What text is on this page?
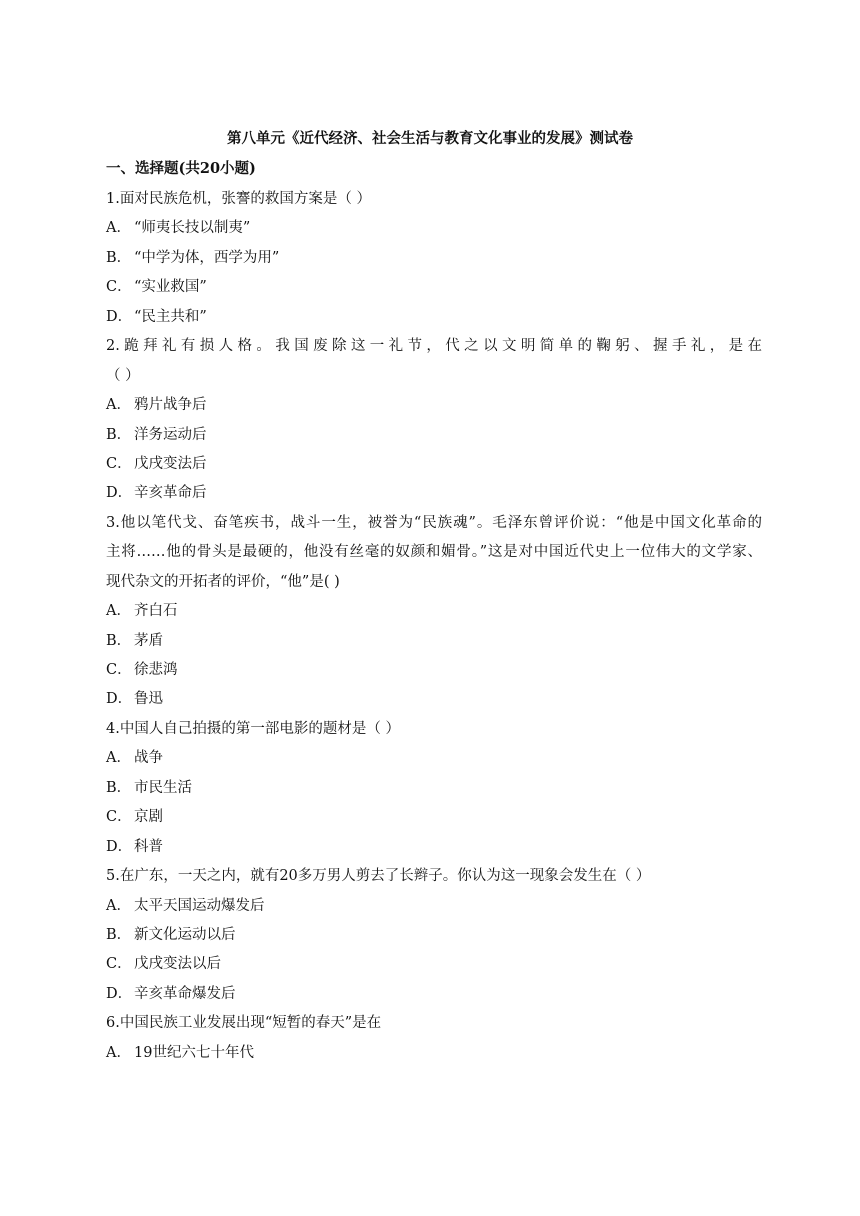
第八单元《近代经济、社会生活与教育文化事业的发展》测试卷
一、选择题(共20小题)
1.面对民族危机，张謇的救国方案是（ ）
A． “师夷长技以制夷”
B． “中学为体，西学为用”
C． “实业救国”
D． “民主共和”
2.跪拜礼有损人格。我国废除这一礼节，代之以文明简单的鞠躬、握手礼，是在
（ ）
A． 鸦片战争后
B． 洋务运动后
C． 戊戌变法后
D． 辛亥革命后
3.他以笔代戈、奋笔疾书，战斗一生，被誉为“民族魂”。毛泽东曾评价说：“他是中国文化革命的
主将……他的骨头是最硬的，他没有丝毫的奴颜和媚骨。”这是对中国近代史上一位伟大的文学家、
现代杂文的开拓者的评价，“他”是( )
A． 齐白石
B． 茅盾
C． 徐悲鸿
D． 鲁迅
4.中国人自己拍摄的第一部电影的题材是（ ）
A． 战争
B． 市民生活
C． 京剧
D． 科普
5.在广东，一天之内，就有20多万男人剪去了长辫子。你认为这一现象会发生在（ ）
A． 太平天国运动爆发后
B． 新文化运动以后
C． 戊戌变法以后
D． 辛亥革命爆发后
6.中国民族工业发展出现“短暂的春天”是在
A． 19世纪六七十年代
